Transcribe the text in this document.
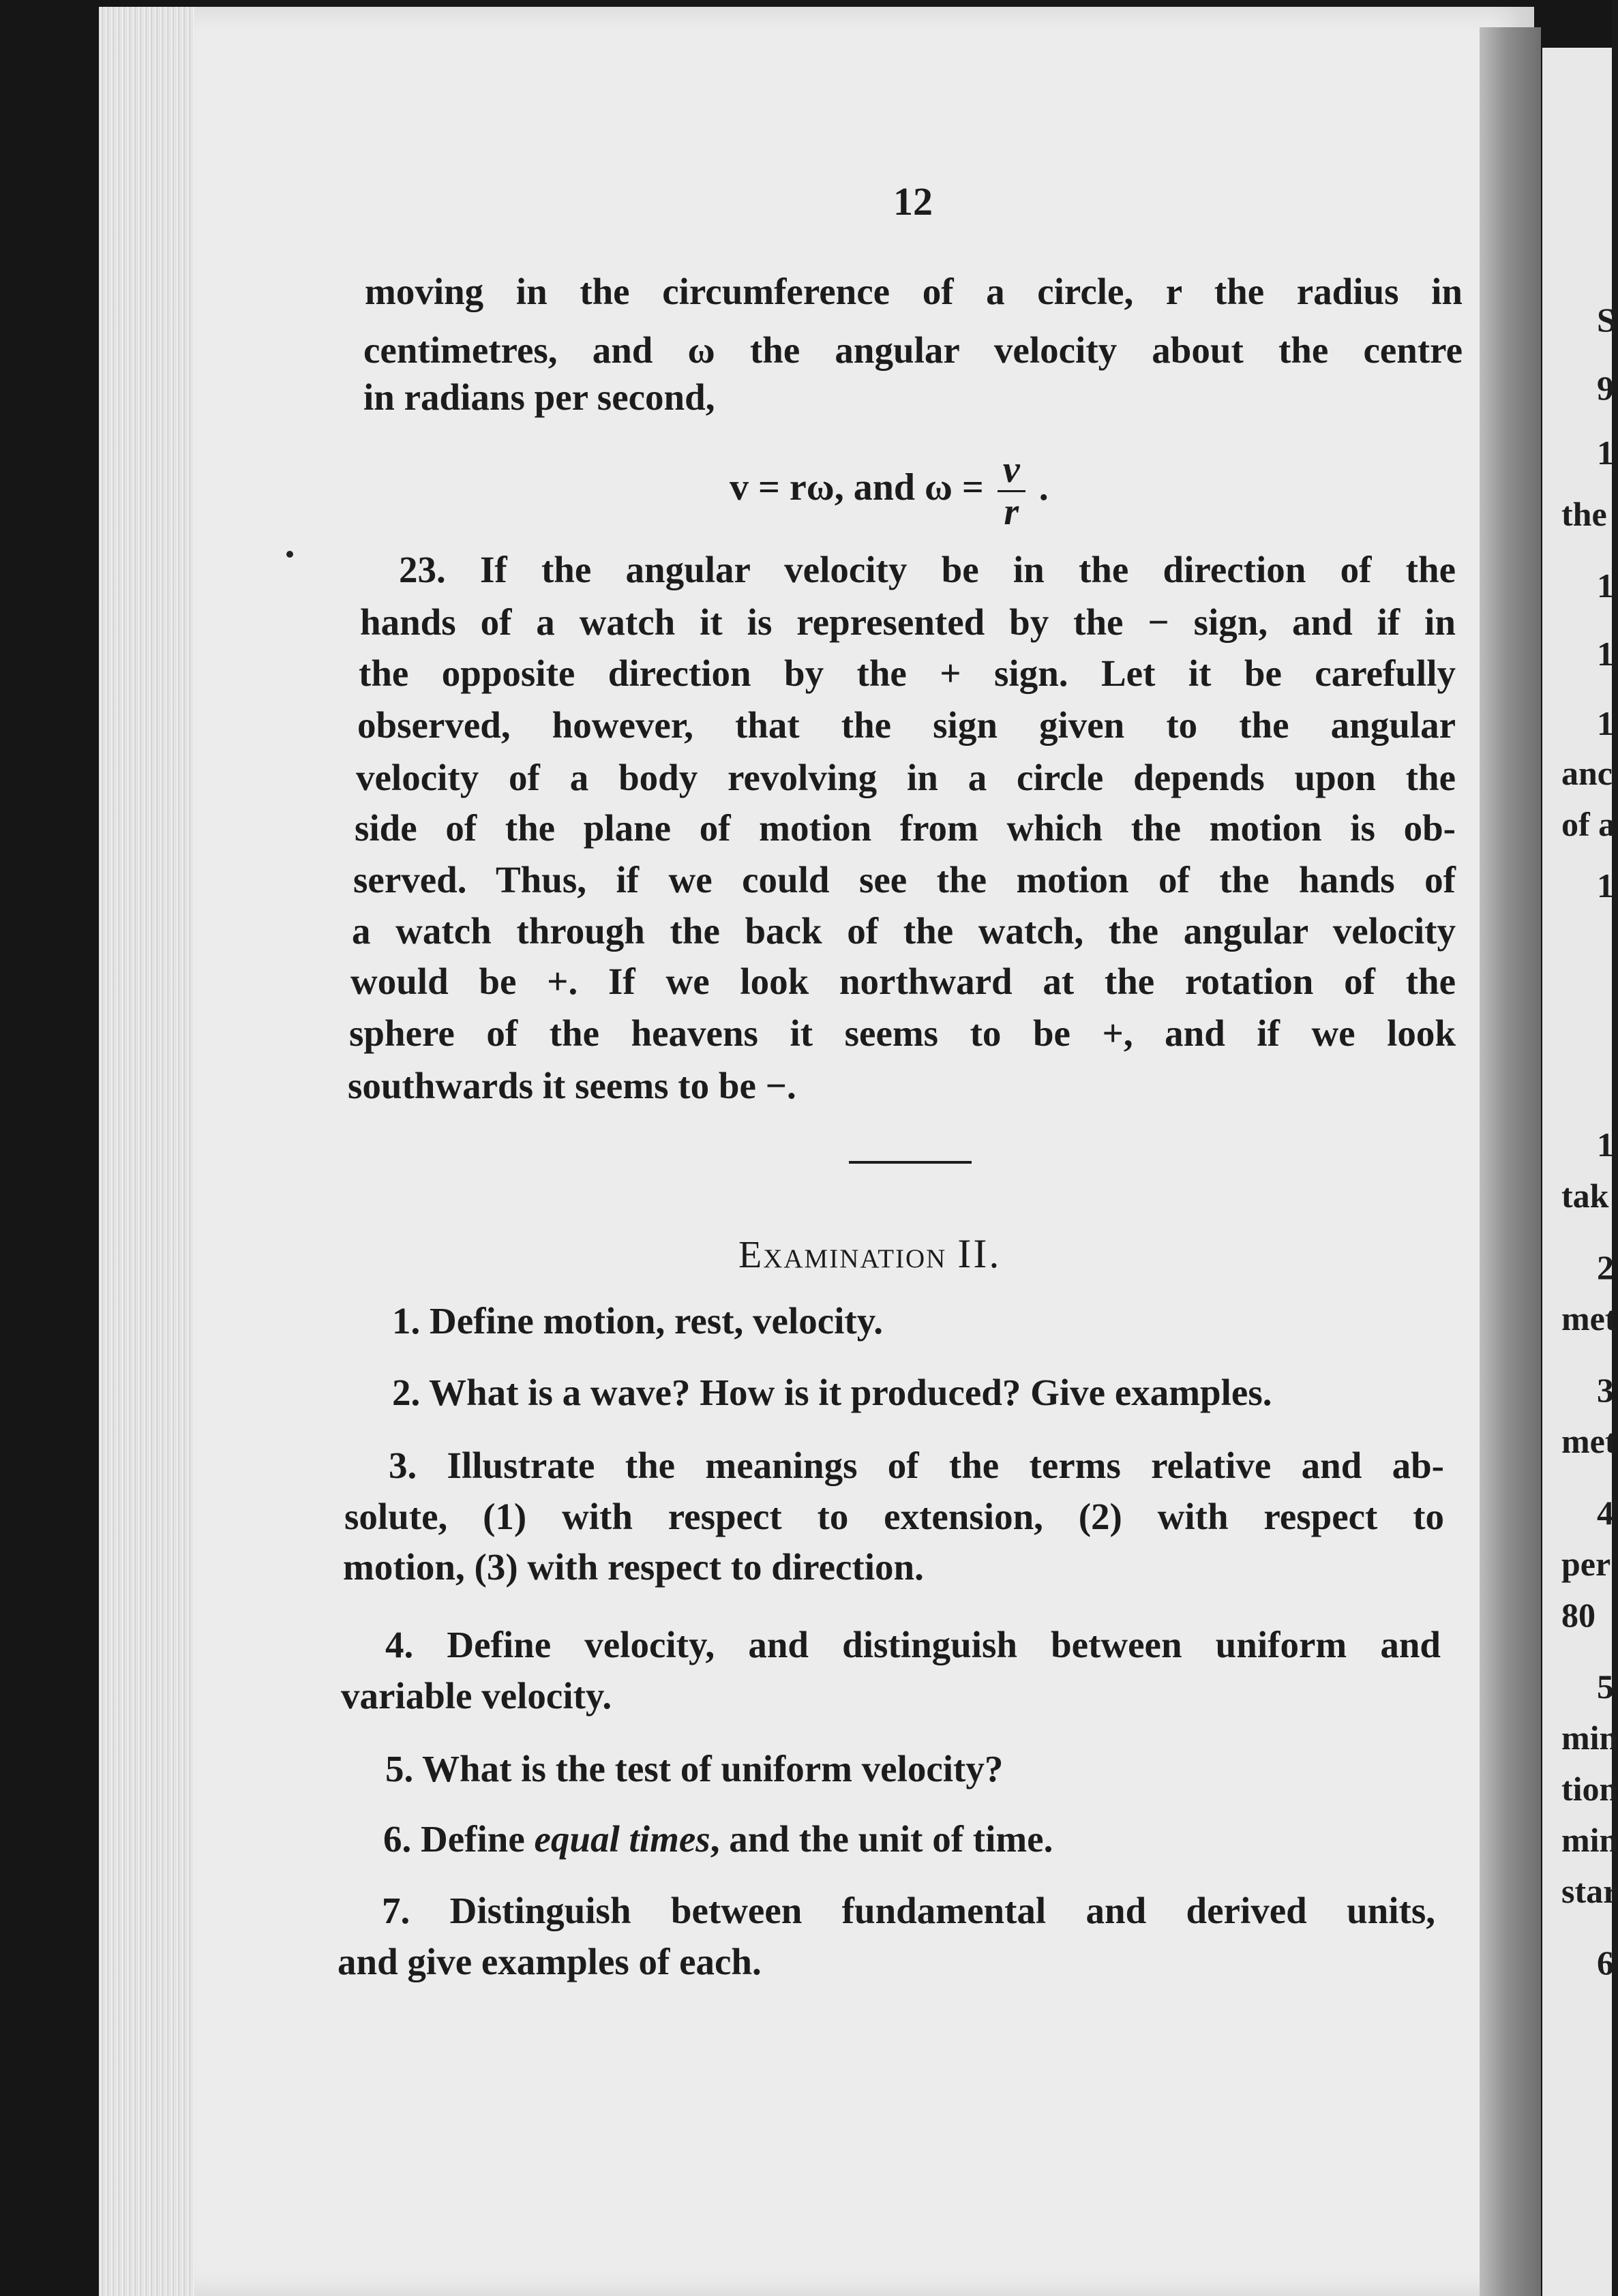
12
moving in the circumference of a circle, r the radius in
centimetres, and ω the angular velocity about the centre
in radians per second,
v = rω, and $\omega = \frac{v}{r}$ .
23. If the angular velocity be in the direction of the
hands of a watch it is represented by the − sign, and if in
the opposite direction by the + sign. Let it be carefully
observed, however, that the sign given to the angular
velocity of a body revolving in a circle depends upon the
side of the plane of motion from which the motion is ob-
served. Thus, if we could see the motion of the hands of
a watch through the back of the watch, the angular velocity
would be +. If we look northward at the rotation of the
sphere of the heavens it seems to be +, and if we look
southwards it seems to be −.
Examination II.
1. Define motion, rest, velocity.
2. What is a wave? How is it produced? Give examples.
3. Illustrate the meanings of the terms relative and ab-
solute, (1) with respect to extension, (2) with respect to
motion, (3) with respect to direction.
4. Define velocity, and distinguish between uniform and
variable velocity.
5. What is the test of uniform velocity?
6. Define equal times, and the unit of time.
7. Distinguish between fundamental and derived units,
and give examples of each.
S
9
1
the
1
1
1
anc
of a
1
1
tak
2
met
3
met
4
per
80
5
min
tion
min
star
6
